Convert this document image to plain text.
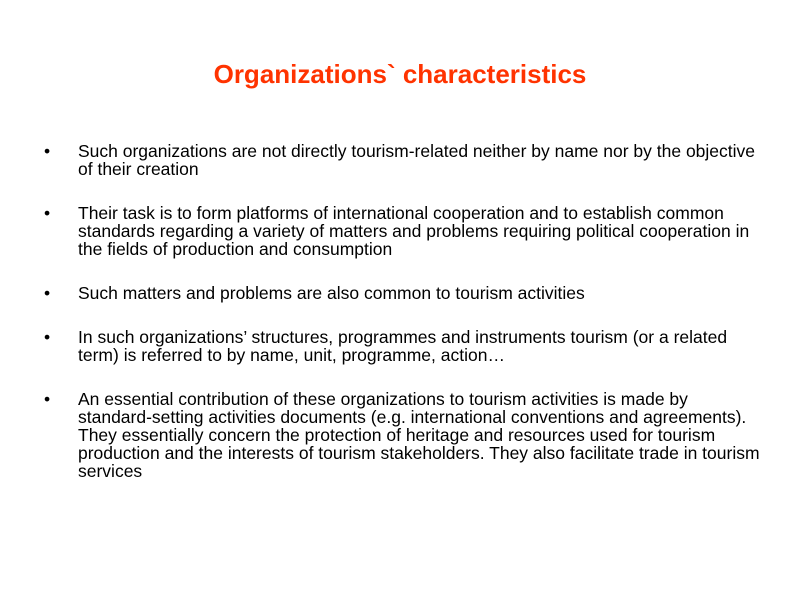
Organizations` characteristics
•	Such organizations are not directly tourism-related neither by name nor by the objective of their creation
•	Their task is to form platforms of international cooperation and to establish common standards regarding a variety of matters and problems requiring political cooperation in the fields of production and consumption
•	Such matters and problems are also common to tourism activities
•	In such organizations’ structures, programmes and instruments tourism (or a related term) is referred to by name, unit, programme, action…
•	An essential contribution of these organizations to tourism activities is made by standard-setting activities documents (e.g. international conventions and agreements). They essentially concern the protection of heritage and resources used for tourism production and the interests of tourism stakeholders. They also facilitate trade in tourism services
